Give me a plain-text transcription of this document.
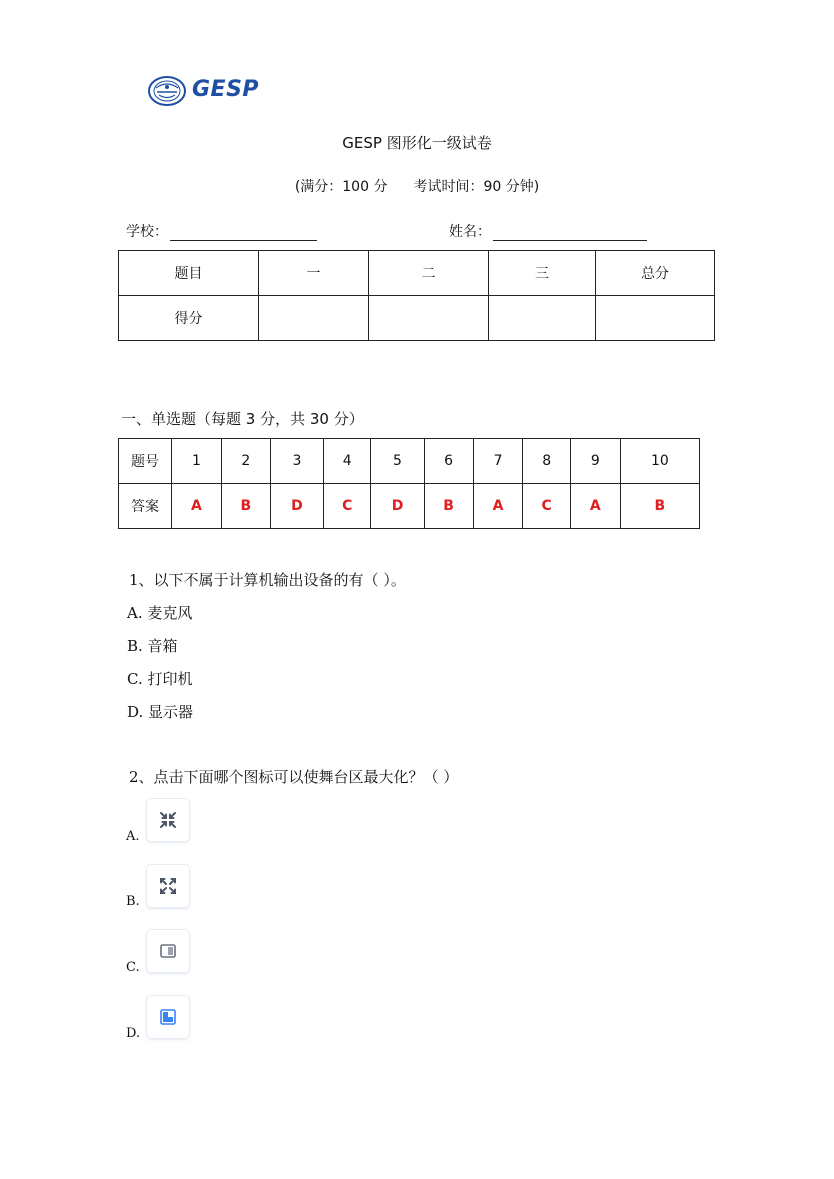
GESP
GESP 图形化一级试卷
(满分：100 分 考试时间：90 分钟)
学校：	姓名：
题目	一	二	三	总分
得分				
一、单选题（每题 3 分，共 30 分）
题号	1	2	3	4	5	6	7	8	9	10
答案	A	B	D	C	D	B	A	C	A	B
1、以下不属于计算机输出设备的有（ ）。
A. 麦克风
B. 音箱
C. 打印机
D. 显示器
2、点击下面哪个图标可以使舞台区最大化？（ ）
A.
B.
C.
D.
